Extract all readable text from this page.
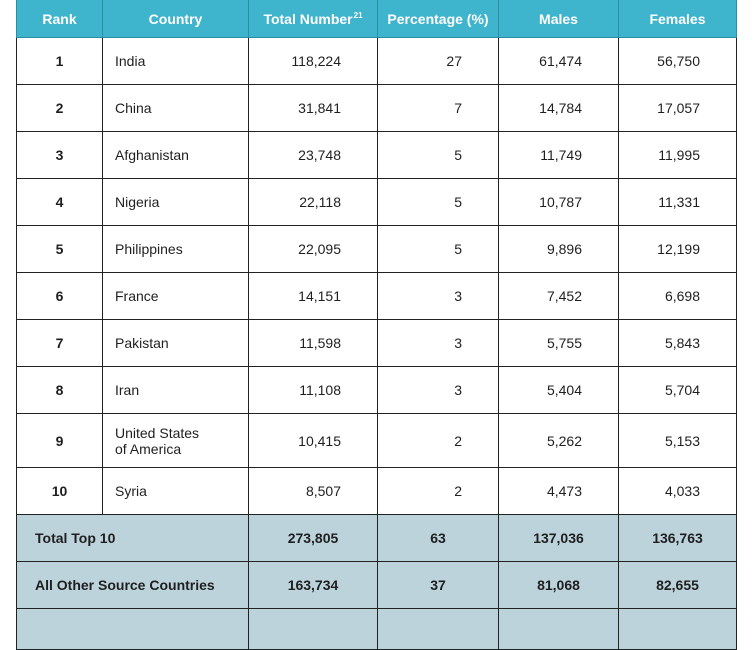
Rank	Country	Total Number$^{21}$	Percentage (%)	Males	Females
1	India	118,224	27	61,474	56,750
2	China	31,841	7	14,784	17,057
3	Afghanistan	23,748	5	11,749	11,995
4	Nigeria	22,118	5	10,787	11,331
5	Philippines	22,095	5	9,896	12,199
6	France	14,151	3	7,452	6,698
7	Pakistan	11,598	3	5,755	5,843
8	Iran	11,108	3	5,404	5,704
9	United States
of America	10,415	2	5,262	5,153
10	Syria	8,507	2	4,473	4,033
Total Top 10		273,805	63	137,036	136,763
All Other Source Countries		163,734	37	81,068	82,655
